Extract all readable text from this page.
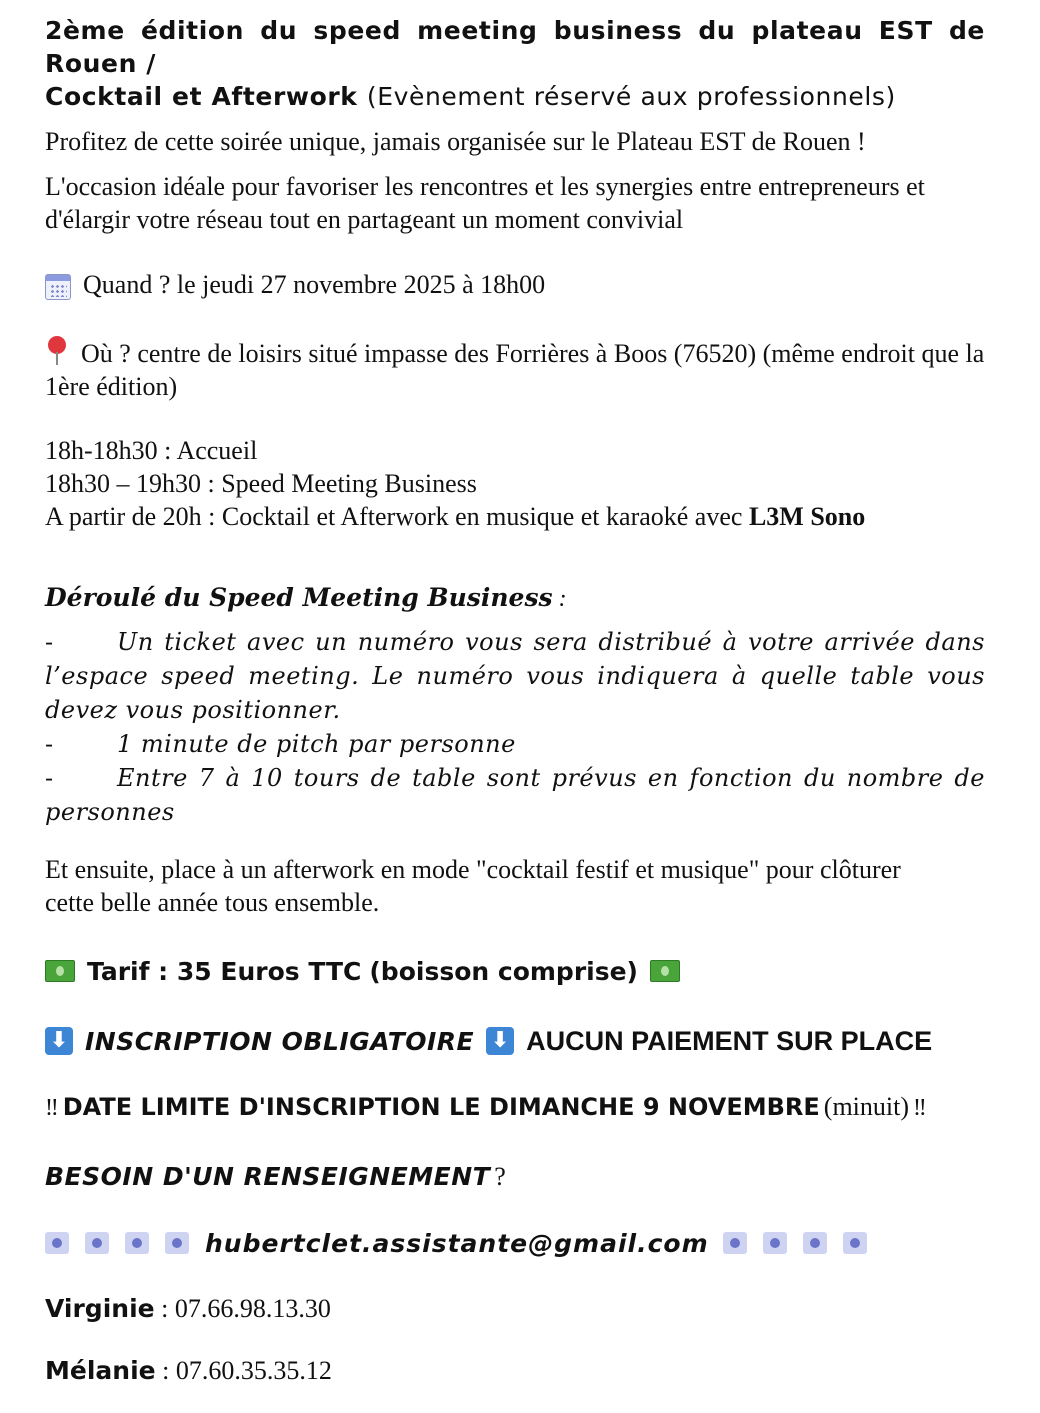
2ème édition du speed meeting business du plateau EST de Rouen /
Cocktail et Afterwork (Evènement réservé aux professionnels)

Profitez de cette soirée unique, jamais organisée sur le Plateau EST de Rouen !

L'occasion idéale pour favoriser les rencontres et les synergies entre entrepreneurs et d'élargir votre réseau tout en partageant un moment convivial

Quand ? le jeudi 27 novembre 2025 à 18h00

Où ? centre de loisirs situé impasse des Forrières à Boos (76520) (même endroit que la 1ère édition)

18h-18h30 : Accueil

18h30 – 19h30 : Speed Meeting Business

A partir de 20h : Cocktail et Afterwork en musique et karaoké avec L3M Sono

Déroulé du Speed Meeting Business :
-	Un ticket avec un numéro vous sera distribué à votre arrivée dans l’espace speed meeting. Le numéro vous indiquera à quelle table vous devez vous positionner.
-	1 minute de pitch par personne
-	Entre 7 à 10 tours de table sont prévus en fonction du nombre de personnes

Et ensuite, place à un afterwork en mode "cocktail festif et musique" pour clôturer cette belle année tous ensemble.

Tarif : 35 Euros TTC (boisson comprise)
⬇ INSCRIPTION OBLIGATOIRE ⬇ AUCUN PAIEMENT SUR PLACE
‼ DATE LIMITE D'INSCRIPTION LE DIMANCHE 9 NOVEMBRE (minuit) ‼
BESOIN D'UN RENSEIGNEMENT ?
hubertclet.assistante@gmail.com
Virginie : 07.66.98.13.30
Mélanie : 07.60.35.35.12
